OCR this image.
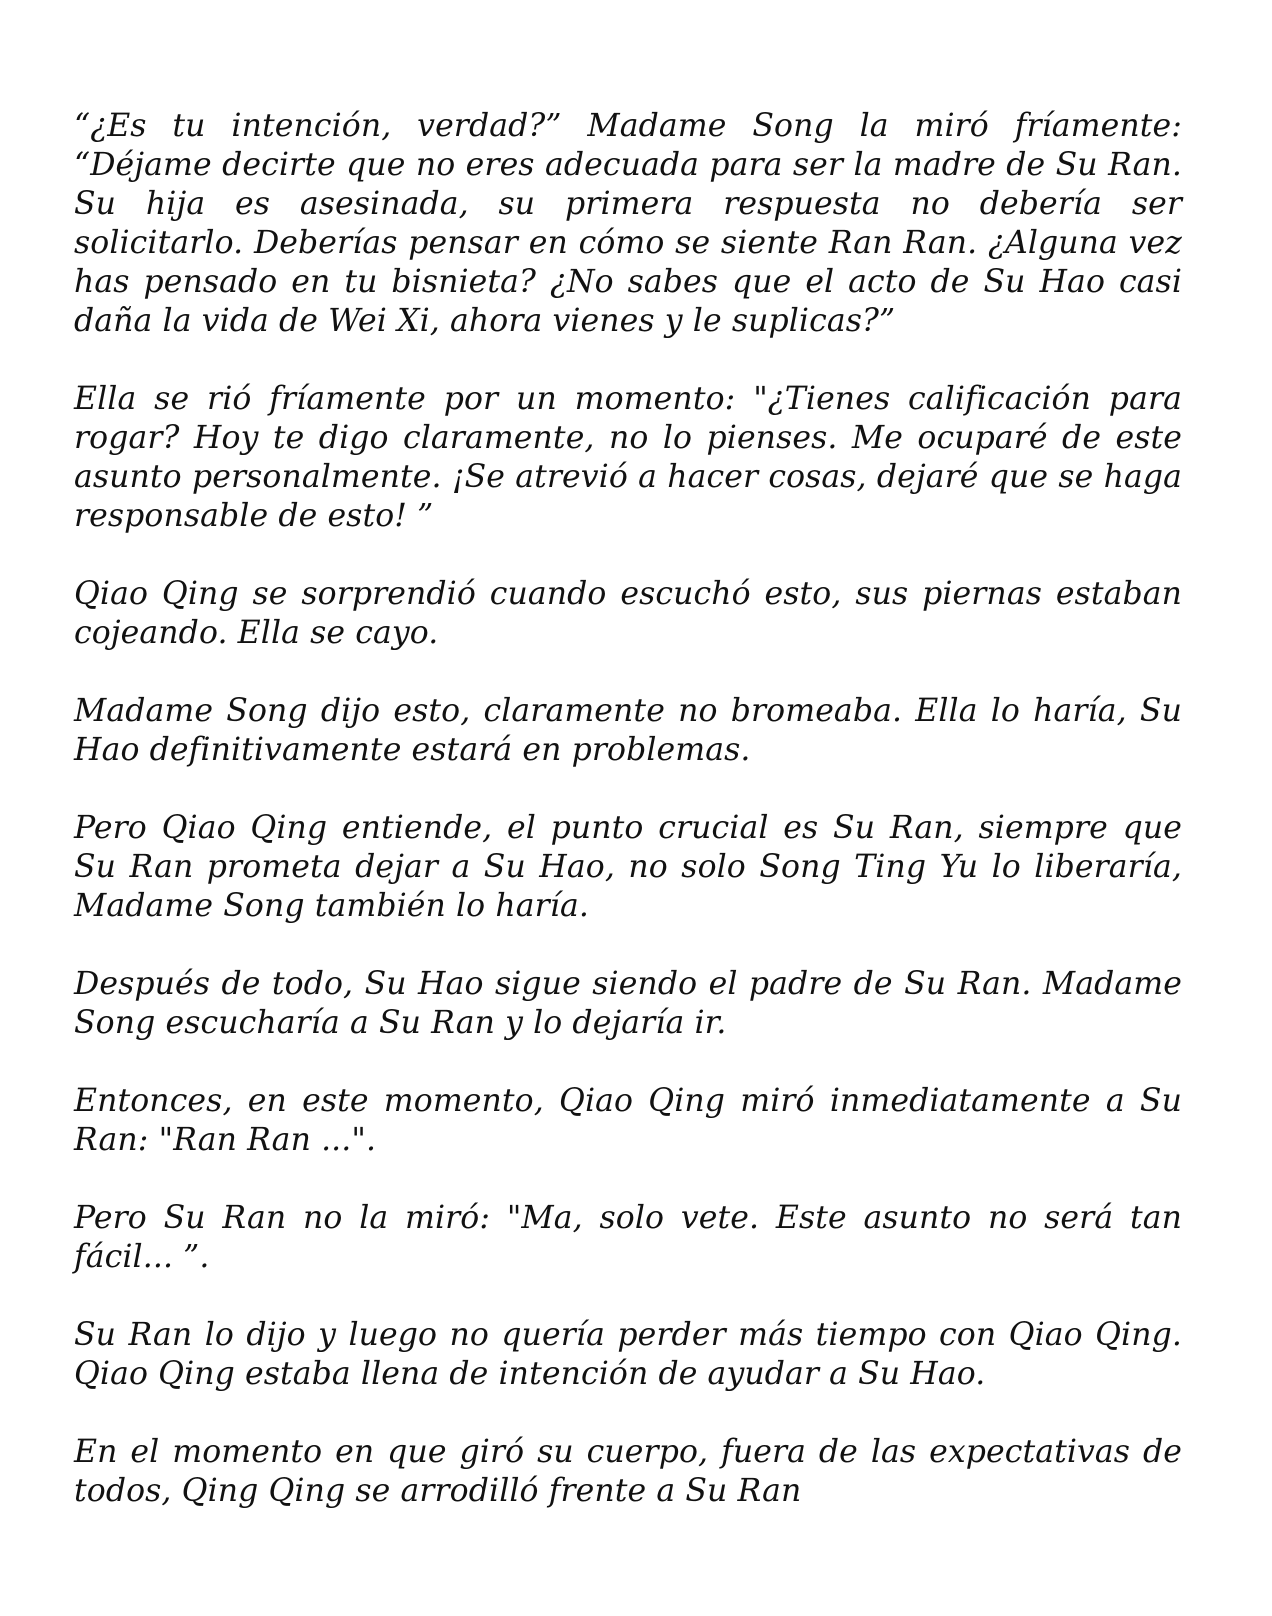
“¿Es tu intención, verdad?” Madame Song la miró fríamente: “Déjame decirte que no eres adecuada para ser la madre de Su Ran. Su hija es asesinada, su primera respuesta no debería ser solicitarlo. Deberías pensar en cómo se siente Ran Ran. ¿Alguna vez has pensado en tu bisnieta? ¿No sabes que el acto de Su Hao casi daña la vida de Wei Xi, ahora vienes y le suplicas?”

Ella se rió fríamente por un momento: "¿Tienes calificación para rogar? Hoy te digo claramente, no lo pienses. Me ocuparé de este asunto personalmente. ¡Se atrevió a hacer cosas, dejaré que se haga responsable de esto! ”

Qiao Qing se sorprendió cuando escuchó esto, sus piernas estaban cojeando. Ella se cayo.

Madame Song dijo esto, claramente no bromeaba. Ella lo haría, Su Hao definitivamente estará en problemas.

Pero Qiao Qing entiende, el punto crucial es Su Ran, siempre que Su Ran prometa dejar a Su Hao, no solo Song Ting Yu lo liberaría, Madame Song también lo haría.

Después de todo, Su Hao sigue siendo el padre de Su Ran. Madame Song escucharía a Su Ran y lo dejaría ir.

Entonces, en este momento, Qiao Qing miró inmediatamente a Su Ran: "Ran Ran ...".

Pero Su Ran no la miró: "Ma, solo vete. Este asunto no será tan fácil... ”.

Su Ran lo dijo y luego no quería perder más tiempo con Qiao Qing. Qiao Qing estaba llena de intención de ayudar a Su Hao.

En el momento en que giró su cuerpo, fuera de las expectativas de todos, Qing Qing se arrodilló frente a Su Ran
